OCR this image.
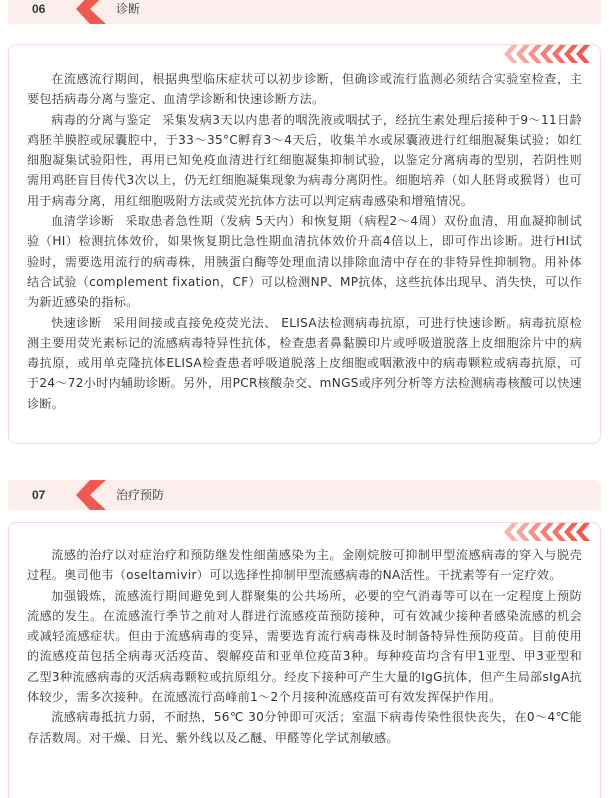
06	诊断

在流感流行期间，根据典型临床症状可以初步诊断，但确诊或流行监测必须结合实验室检查，主要包括病毒分离与鉴定、血清学诊断和快速诊断方法。

病毒的分离与鉴定 采集发病3天以内患者的咽洗液或咽拭子，经抗生素处理后接种于9～11日龄鸡胚羊膜腔或尿囊腔中，于33～35°C孵育3～4天后，收集羊水或尿囊液进行红细胞凝集试验；如红细胞凝集试验阳性，再用已知免疫血清进行红细胞凝集抑制试验，以鉴定分离病毒的型别，若阴性则需用鸡胚盲目传代3次以上，仍无红细胞凝集现象为病毒分离阴性。细胞培养（如人胚肾或猴肾）也可用于病毒分离，用红细胞吸附方法或荧光抗体方法可以判定病毒感染和增殖情况。

血清学诊断 采取患者急性期（发病 5天内）和恢复期（病程2～4周）双份血清，用血凝抑制试验（HI）检测抗体效价，如果恢复期比急性期血清抗体效价升高4倍以上，即可作出诊断。进行HI试验时，需要选用流行的病毒株，用胰蛋白酶等处理血清以排除血清中存在的非特异性抑制物。用补体结合试验（complement fixation，CF）可以检测NP、MP抗体，这些抗体出现早、消失快，可以作为新近感染的指标。

快速诊断 采用间接或直接免疫荧光法、 ELISA法检测病毒抗原，可进行快速诊断。病毒抗原检测主要用荧光素标记的流感病毒特异性抗体，检查患者鼻黏膜印片或呼吸道脱落上皮细胞涂片中的病毒抗原，或用单克隆抗体ELISA检查患者呼吸道脱落上皮细胞或咽漱液中的病毒颗粒或病毒抗原，可于24～72小时内辅助诊断。另外，用PCR核酸杂交、mNGS或序列分析等方法检测病毒核酸可以快速诊断。

07	治疗预防

流感的治疗以对症治疗和预防继发性细菌感染为主。金刚烷胺可抑制甲型流感病毒的穿入与脱壳过程。奥司他韦（oseltamivir）可以选择性抑制甲型流感病毒的NA活性。干扰素等有一定疗效。

加强锻炼，流感流行期间避免到人群聚集的公共场所，必要的空气消毒等可以在一定程度上预防流感的发生。在流感流行季节之前对人群进行流感疫苗预防接种，可有效减少接种者感染流感的机会或减轻流感症状。但由于流感病毒的变异，需要选育流行病毒株及时制备特异性预防疫苗。目前使用的流感疫苗包括全病毒灭活疫苗、裂解疫苗和亚单位疫苗3种。每种疫苗均含有甲1亚型、甲3亚型和乙型3种流感病毒的灭活病毒颗粒或抗原组分。经皮下接种可产生大量的IgG抗体，但产生局部sIgA抗体较少，需多次接种。在流感流行高峰前1～2个月接种流感疫苗可有效发挥保护作用。

流感病毒抵抗力弱，不耐热，56℃ 30分钟即可灭活；室温下病毒传染性很快丧失，在0～4℃能存活数周。对干燥、日光、紫外线以及乙醚、甲醛等化学试剂敏感。
